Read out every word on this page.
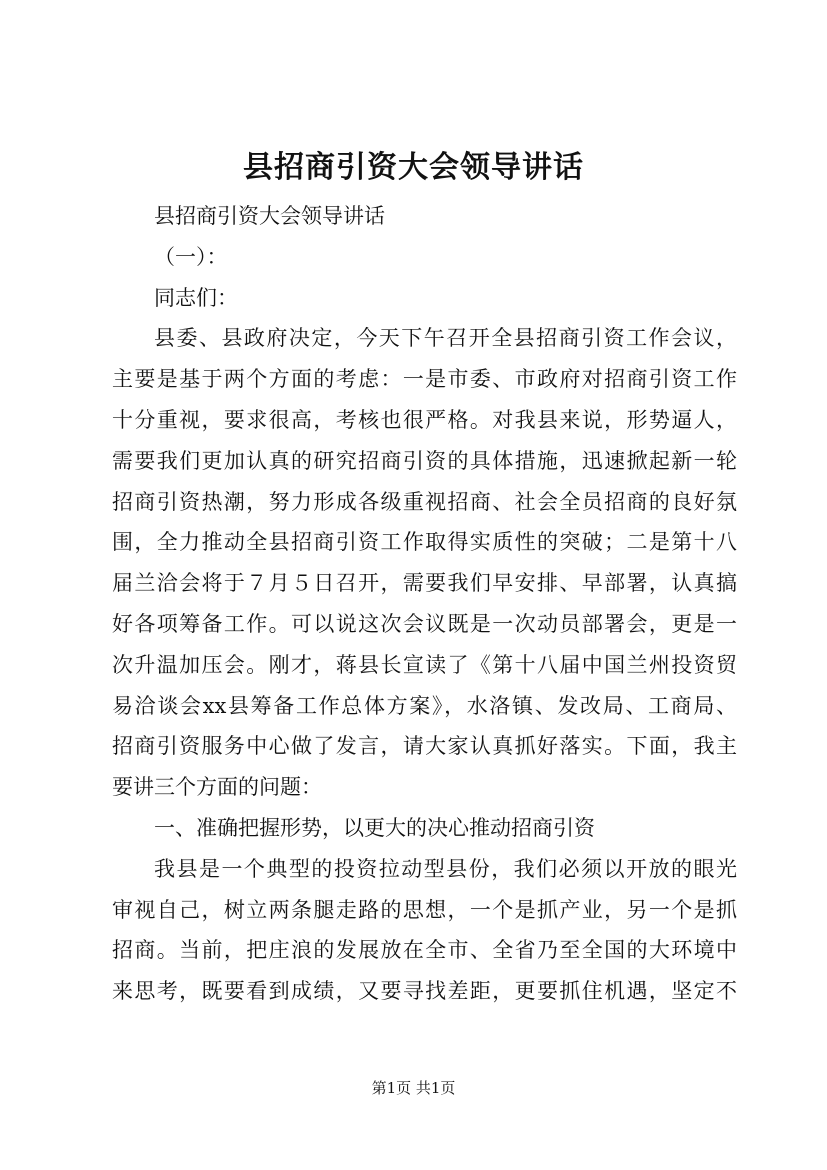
县招商引资大会领导讲话
县招商引资大会领导讲话
（一）：
同志们：
县委、县政府决定，今天下午召开全县招商引资工作会议，
主要是基于两个方面的考虑：一是市委、市政府对招商引资工作
十分重视，要求很高，考核也很严格。对我县来说，形势逼人，
需要我们更加认真的研究招商引资的具体措施，迅速掀起新一轮
招商引资热潮，努力形成各级重视招商、社会全员招商的良好氛
围，全力推动全县招商引资工作取得实质性的突破；二是第十八
届兰洽会将于７月５日召开，需要我们早安排、早部署，认真搞
好各项筹备工作。可以说这次会议既是一次动员部署会，更是一
次升温加压会。刚才，蒋县长宣读了《第十八届中国兰州投资贸
易洽谈会xx县筹备工作总体方案》，水洛镇、发改局、工商局、
招商引资服务中心做了发言，请大家认真抓好落实。下面，我主
要讲三个方面的问题：
一、准确把握形势，以更大的决心推动招商引资
我县是一个典型的投资拉动型县份，我们必须以开放的眼光
审视自己，树立两条腿走路的思想，一个是抓产业，另一个是抓
招商。当前，把庄浪的发展放在全市、全省乃至全国的大环境中
来思考，既要看到成绩，又要寻找差距，更要抓住机遇，坚定不
第1页 共1页
